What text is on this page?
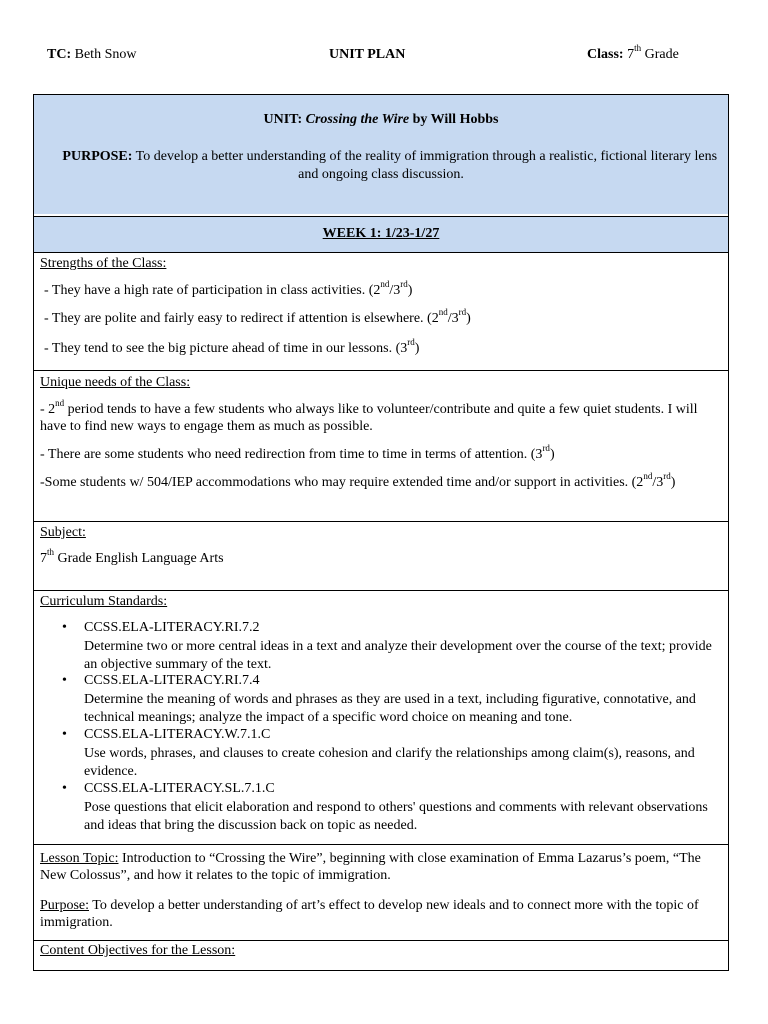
TC: Beth Snow	UNIT PLAN	Class: 7th Grade
UNIT: Crossing the Wire by Will Hobbs
PURPOSE: To develop a better understanding of the reality of immigration through a realistic, fictional literary lens and ongoing class discussion.
WEEK 1: 1/23-1/27
Strengths of the Class:
- They have a high rate of participation in class activities. (2nd/3rd)
- They are polite and fairly easy to redirect if attention is elsewhere. (2nd/3rd)
- They tend to see the big picture ahead of time in our lessons. (3rd)
Unique needs of the Class:
- 2nd period tends to have a few students who always like to volunteer/contribute and quite a few quiet students. I will have to find new ways to engage them as much as possible.
- There are some students who need redirection from time to time in terms of attention. (3rd)
-Some students w/ 504/IEP accommodations who may require extended time and/or support in activities. (2nd/3rd)
Subject:
7th Grade English Language Arts
Curriculum Standards:
• CCSS.ELA-LITERACY.RI.7.2
Determine two or more central ideas in a text and analyze their development over the course of the text; provide an objective summary of the text.
• CCSS.ELA-LITERACY.RI.7.4
Determine the meaning of words and phrases as they are used in a text, including figurative, connotative, and technical meanings; analyze the impact of a specific word choice on meaning and tone.
• CCSS.ELA-LITERACY.W.7.1.C
Use words, phrases, and clauses to create cohesion and clarify the relationships among claim(s), reasons, and evidence.
• CCSS.ELA-LITERACY.SL.7.1.C
Pose questions that elicit elaboration and respond to others' questions and comments with relevant observations and ideas that bring the discussion back on topic as needed.
Lesson Topic: Introduction to “Crossing the Wire”, beginning with close examination of Emma Lazarus’s poem, “The New Colossus”, and how it relates to the topic of immigration.
Purpose: To develop a better understanding of art’s effect to develop new ideals and to connect more with the topic of immigration.
Content Objectives for the Lesson:
